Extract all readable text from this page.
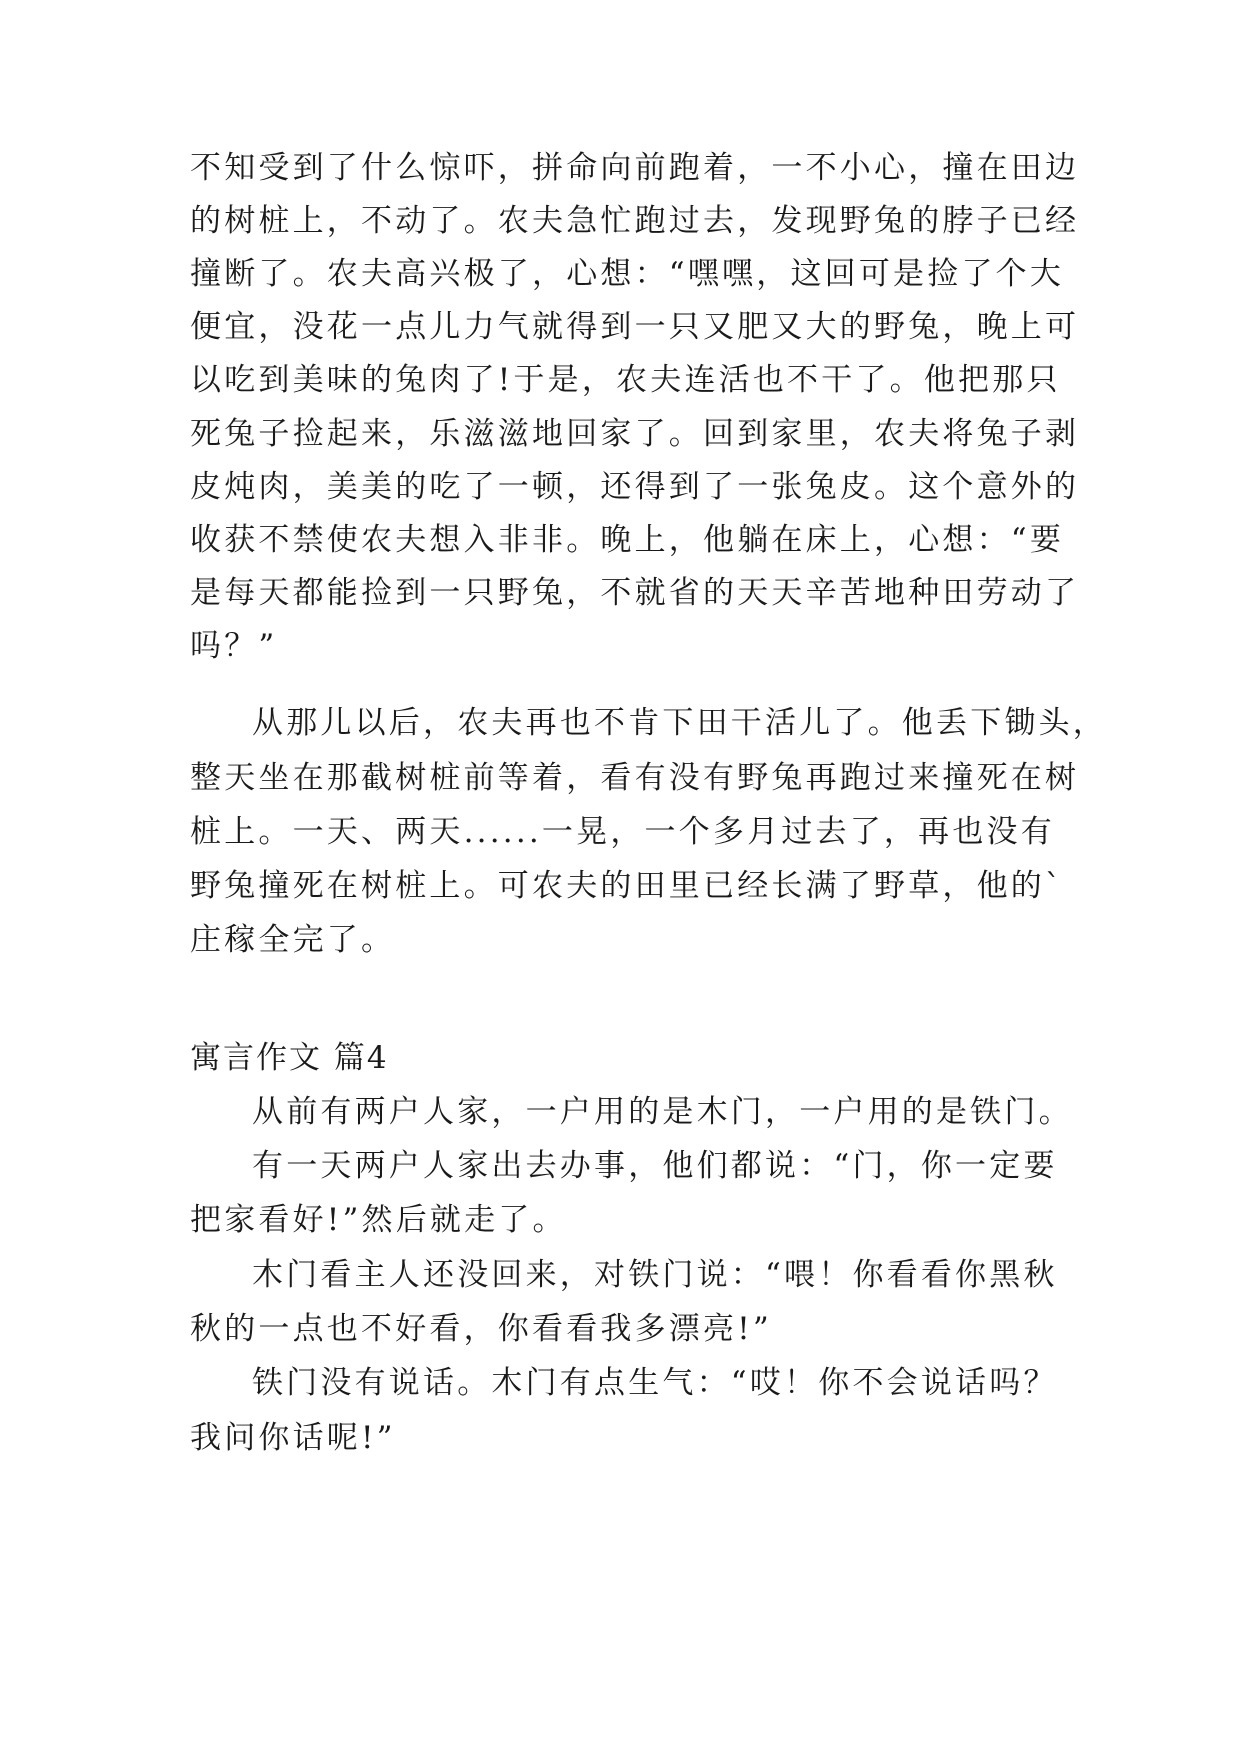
不知受到了什么惊吓，拼命向前跑着，一不小心，撞在田边

的树桩上，不动了。农夫急忙跑过去，发现野兔的脖子已经

撞断了。农夫高兴极了，心想：“嘿嘿，这回可是捡了个大

便宜，没花一点儿力气就得到一只又肥又大的野兔，晚上可

以吃到美味的兔肉了!于是，农夫连活也不干了。他把那只

死兔子捡起来，乐滋滋地回家了。回到家里，农夫将兔子剥

皮炖肉，美美的吃了一顿，还得到了一张兔皮。这个意外的

收获不禁使农夫想入非非。晚上，他躺在床上，心想：“要

是每天都能捡到一只野兔，不就省的天天辛苦地种田劳动了

吗？”

从那儿以后，农夫再也不肯下田干活儿了。他丢下锄头，

整天坐在那截树桩前等着，看有没有野兔再跑过来撞死在树

桩上。一天、两天......一晃，一个多月过去了，再也没有

野兔撞死在树桩上。可农夫的田里已经长满了野草，他的`

庄稼全完了。

寓言作文 篇4

从前有两户人家，一户用的是木门，一户用的是铁门。

有一天两户人家出去办事，他们都说：“门，你一定要

把家看好!”然后就走了。

木门看主人还没回来，对铁门说：“喂！你看看你黑秋

秋的一点也不好看，你看看我多漂亮!”

铁门没有说话。木门有点生气：“哎！你不会说话吗？

我问你话呢!”
